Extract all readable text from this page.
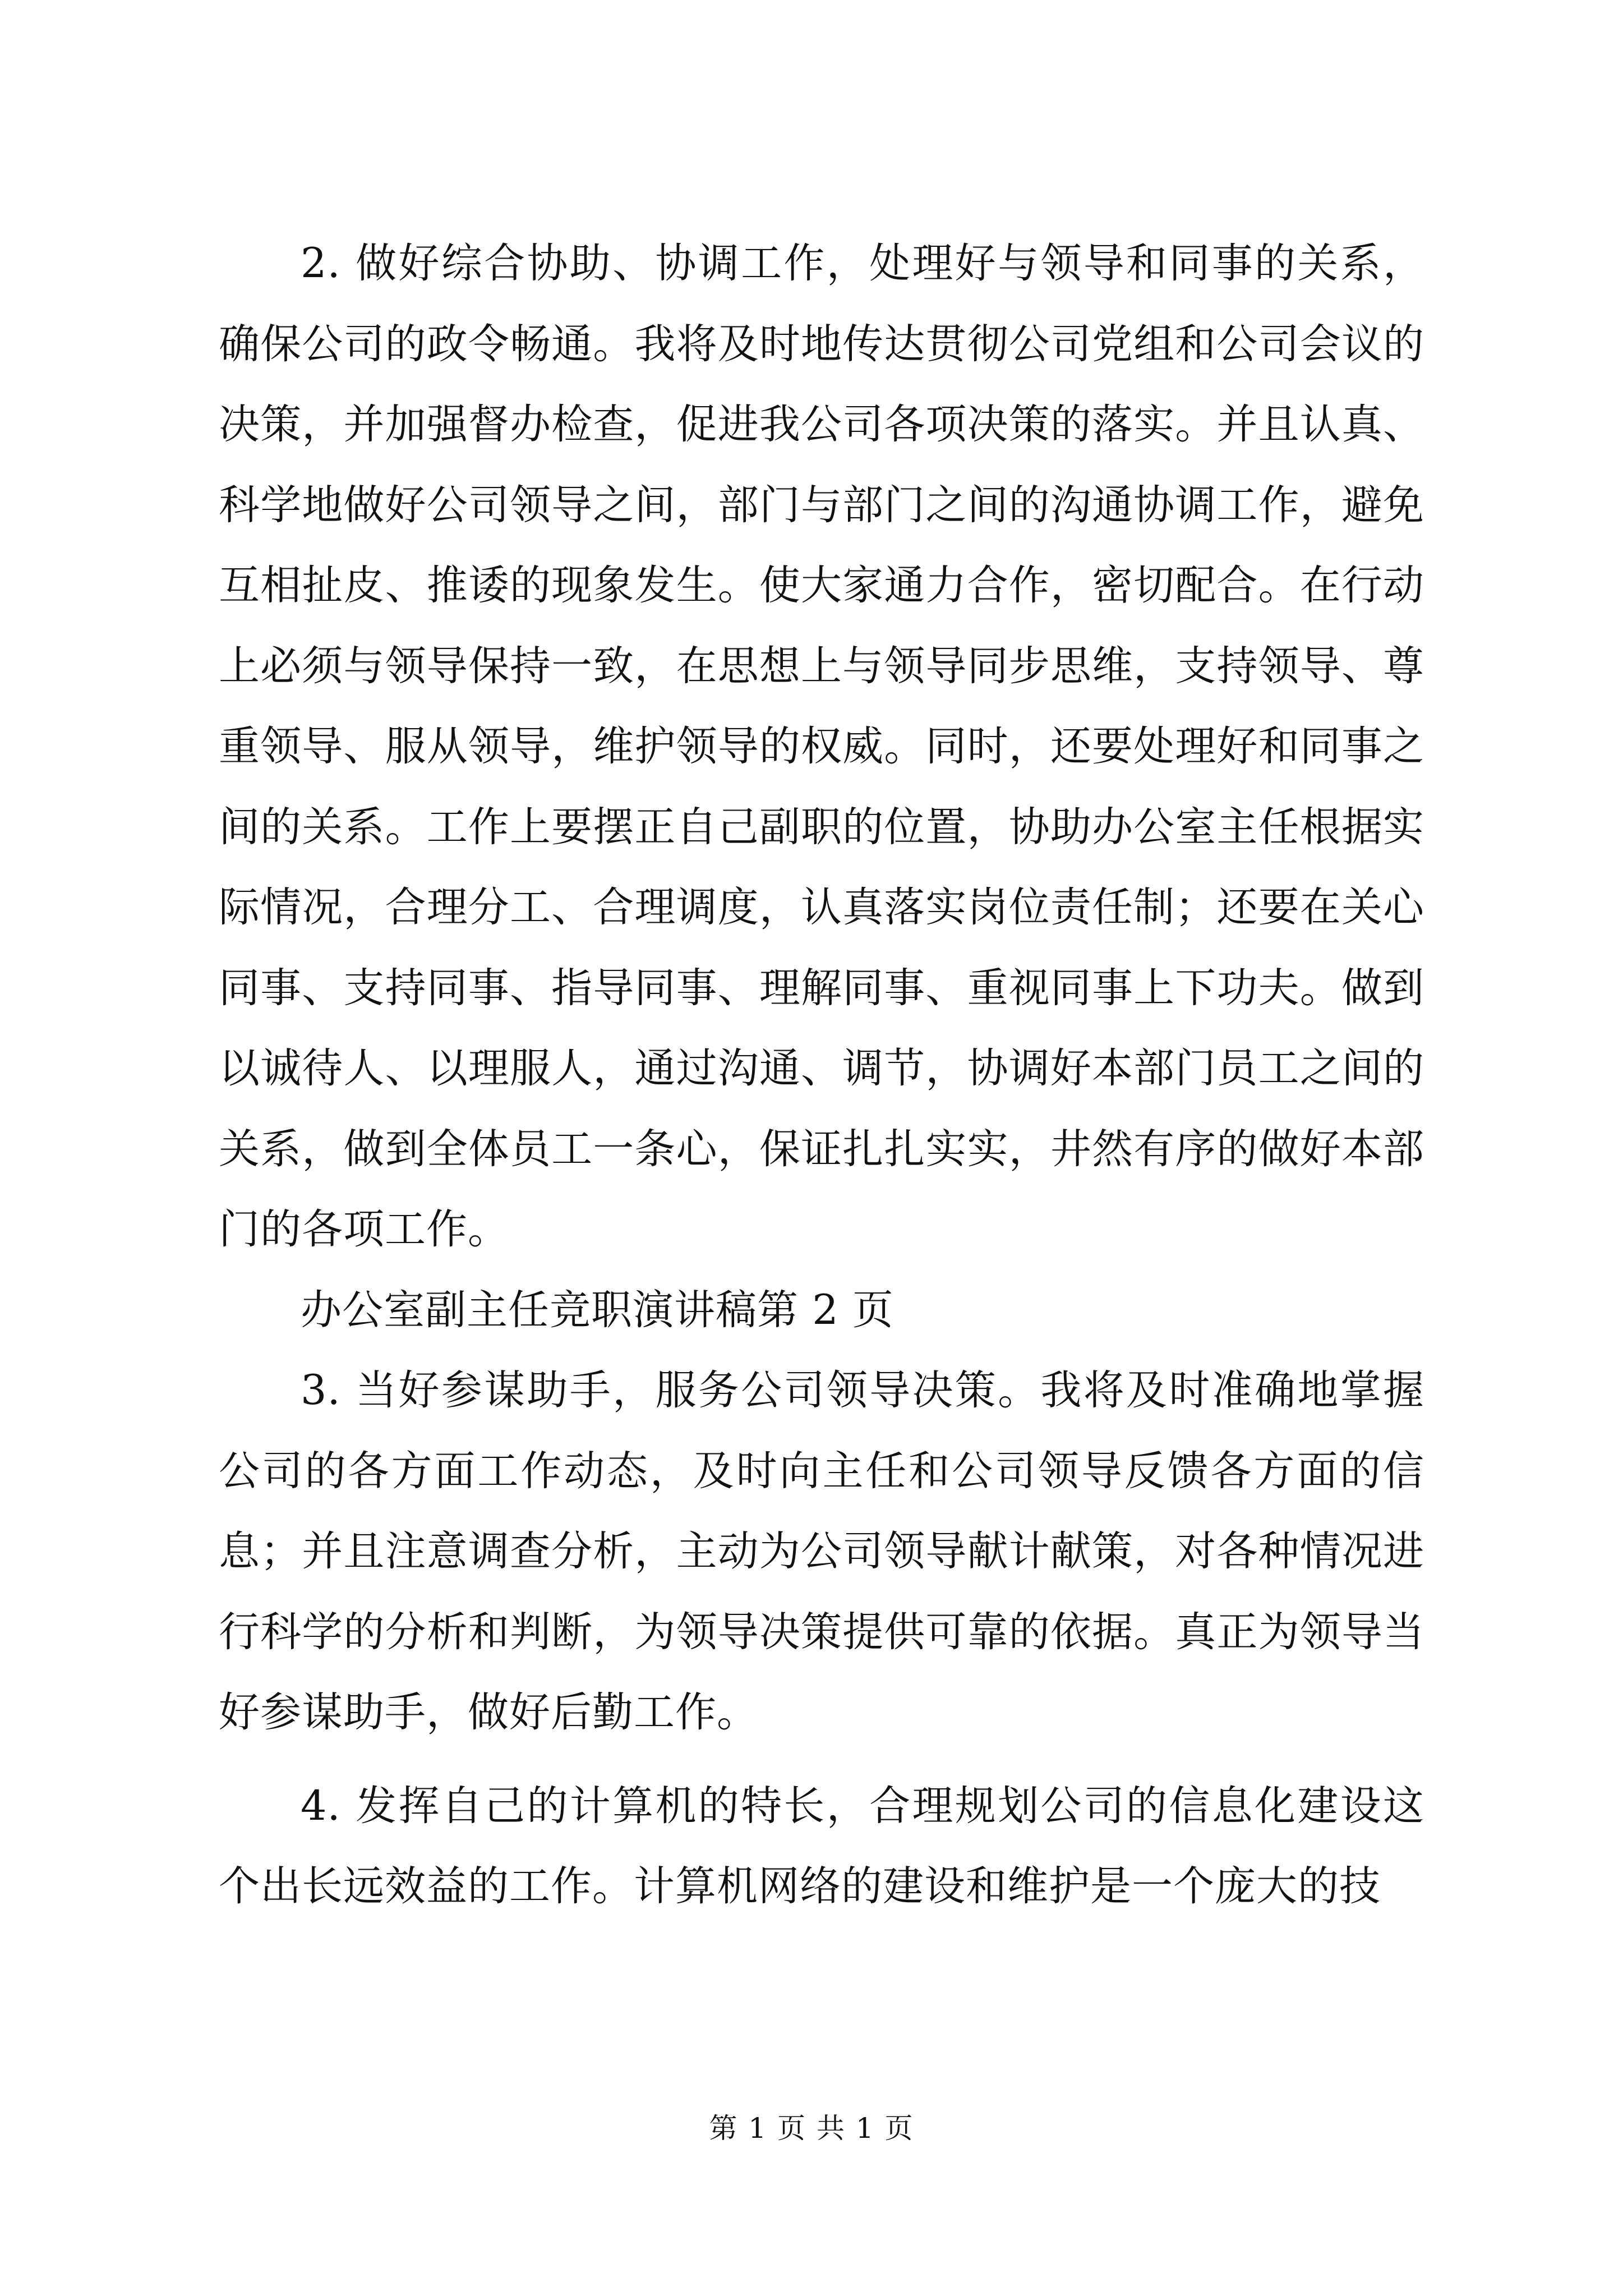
2. 做好综合协助、协调工作，处理好与领导和同事的关系，确保公司的政令畅通。我将及时地传达贯彻公司党组和公司会议的决策，并加强督办检查，促进我公司各项决策的落实。并且认真、科学地做好公司领导之间，部门与部门之间的沟通协调工作，避免互相扯皮、推诿的现象发生。使大家通力合作，密切配合。在行动上必须与领导保持一致，在思想上与领导同步思维，支持领导、尊重领导、服从领导，维护领导的权威。同时，还要处理好和同事之间的关系。工作上要摆正自己副职的位置，协助办公室主任根据实际情况，合理分工、合理调度，认真落实岗位责任制；还要在关心同事、支持同事、指导同事、理解同事、重视同事上下功夫。做到以诚待人、以理服人，通过沟通、调节，协调好本部门员工之间的关系，做到全体员工一条心，保证扎扎实实，井然有序的做好本部门的各项工作。

办公室副主任竞职演讲稿第 2 页

3. 当好参谋助手，服务公司领导决策。我将及时准确地掌握公司的各方面工作动态，及时向主任和公司领导反馈各方面的信息；并且注意调查分析，主动为公司领导献计献策，对各种情况进行科学的分析和判断，为领导决策提供可靠的依据。真正为领导当好参谋助手，做好后勤工作。

4. 发挥自己的计算机的特长，合理规划公司的信息化建设这个出长远效益的工作。计算机网络的建设和维护是一个庞大的技

第 1 页 共 1 页
